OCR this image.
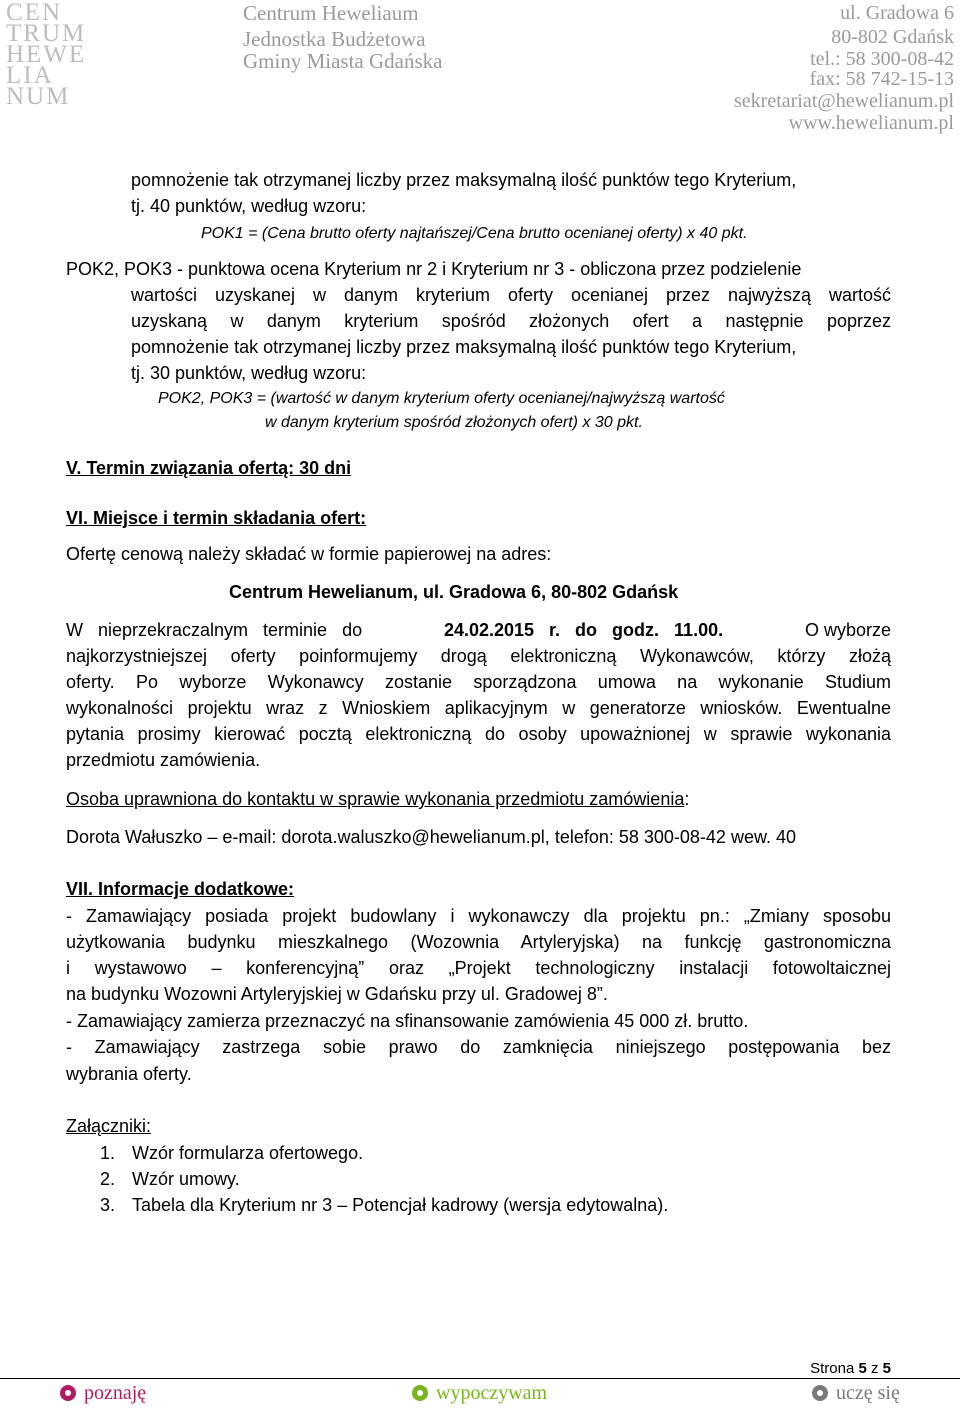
CEN
TRUM
HEWE
LIA
NUM
Centrum Heweliaum
Jednostka Budżetowa
Gminy Miasta Gdańska
ul. Gradowa 6
80-802 Gdańsk
tel.: 58 300-08-42
fax: 58 742-15-13
sekretariat@hewelianum.pl
www.hewelianum.pl
pomnożenie tak otrzymanej liczby przez maksymalną ilość punktów tego Kryterium,
tj. 40 punktów, według wzoru:
POK1 = (Cena brutto oferty najtańszej/Cena brutto ocenianej oferty) x 40 pkt.
POK2, POK3 - punktowa ocena Kryterium nr 2 i Kryterium nr 3 - obliczona przez podzielenie
wartości uzyskanej w danym kryterium oferty ocenianej przez najwyższą wartość
uzyskaną w danym kryterium spośród złożonych ofert a następnie poprzez
pomnożenie tak otrzymanej liczby przez maksymalną ilość punktów tego Kryterium,
tj. 30 punktów, według wzoru:
POK2, POK3 = (wartość w danym kryterium oferty ocenianej/najwyższą wartość
w danym kryterium spośród złożonych ofert) x 30 pkt.
V. Termin związania ofertą: 30 dni
VI. Miejsce i termin składania ofert:
Ofertę cenową należy składać w formie papierowej na adres:
Centrum Hewelianum, ul. Gradowa 6, 80-802 Gdańsk
W nieprzekraczalnym terminie do	24.02.2015 r. do godz. 11.00.	O wyborze
najkorzystniejszej oferty poinformujemy drogą elektroniczną Wykonawców, którzy złożą
oferty. Po wyborze Wykonawcy zostanie sporządzona umowa na wykonanie Studium
wykonalności projektu wraz z Wnioskiem aplikacyjnym w generatorze wniosków. Ewentualne
pytania prosimy kierować pocztą elektroniczną do osoby upoważnionej w sprawie wykonania
przedmiotu zamówienia.
Osoba uprawniona do kontaktu w sprawie wykonania przedmiotu zamówienia:
Dorota Wałuszko – e-mail: dorota.waluszko@hewelianum.pl, telefon: 58 300-08-42 wew. 40
VII. Informacje dodatkowe:
- Zamawiający posiada projekt budowlany i wykonawczy dla projektu pn.: „Zmiany sposobu
użytkowania budynku mieszkalnego (Wozownia Artyleryjska) na funkcję gastronomiczna
i wystawowo – konferencyjną” oraz „Projekt technologiczny instalacji fotowoltaicznej
na budynku Wozowni Artyleryjskiej w Gdańsku przy ul. Gradowej 8”.
- Zamawiający zamierza przeznaczyć na sfinansowanie zamówienia 45 000 zł. brutto.
- Zamawiający zastrzega sobie prawo do zamknięcia niniejszego postępowania bez
wybrania oferty.
Załączniki:
1. Wzór formularza ofertowego.
2. Wzór umowy.
3. Tabela dla Kryterium nr 3 – Potencjał kadrowy (wersja edytowalna).
Strona 5 z 5
poznaję	wypoczywam	uczę się
